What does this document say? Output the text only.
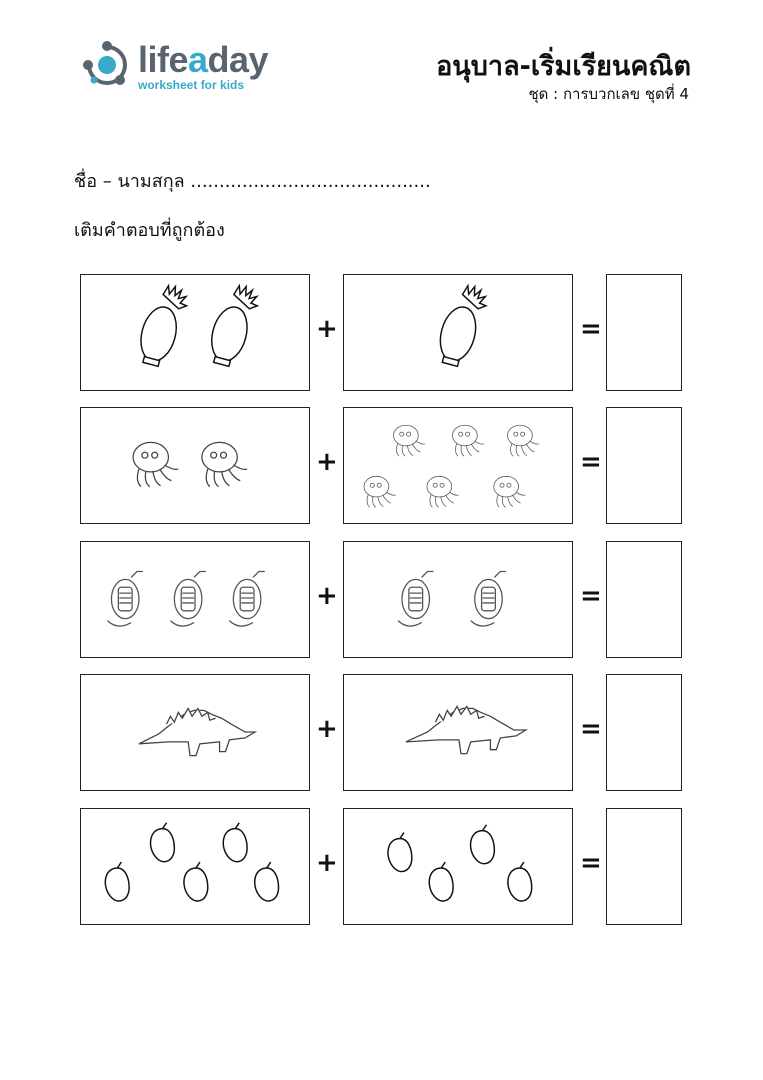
lifeaday
worksheet for kids
อนุบาล-เริ่มเรียนคณิต
ชุด : การบวกเลข ชุดที่ 4
ชื่อ – นามสกุล ..........................................
เติมคำตอบที่ถูกต้อง
+	=
+	=
+	=
+	=
+	=
